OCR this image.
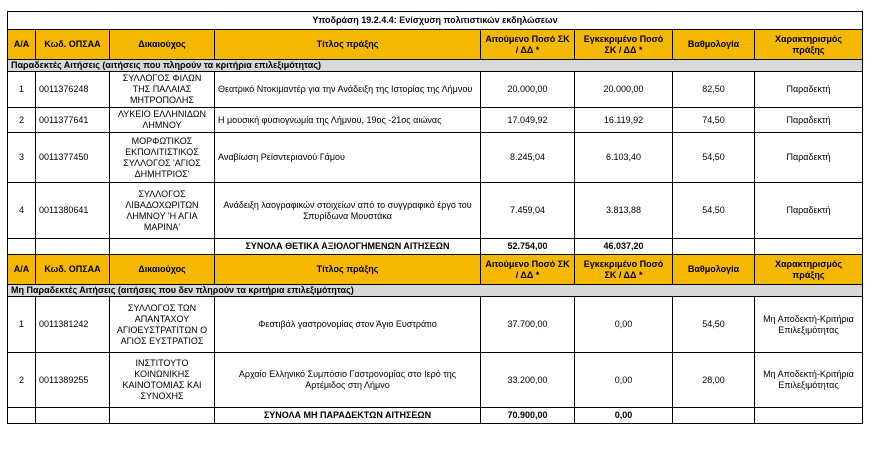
Υποδράση 19.2.4.4: Ενίσχυση πολιτιστικών εκδηλώσεων							
Α/Α	Κωδ. ΟΠΣΑΑ	Δικαιούχος	Τίτλος πράξης	Αιτούμενο Ποσό ΣΚ / ΔΔ *	Εγκεκριμένο Ποσό ΣΚ / ΔΔ *	Βαθμολογία	Χαρακτηρισμός πράξης
Παραδεκτές Αιτήσεις (αιτήσεις που πληρούν τα κριτήρια επιλεξιμότητας)							
1	0011376248	ΣΥΛΛΟΓΟΣ ΦΙΛΩΝ ΤΗΣ ΠΑΛΑΙΑΣ ΜΗΤΡΟΠΟΛΗΣ	Θεατρικό Ντοκιμαντέρ για την Ανάδειξη της Ιστορίας της Λήμνου	20.000,00	20.000,00	82,50	Παραδεκτή
2	0011377641	ΛΥΚΕΙΟ ΕΛΛΗΝΙΔΩΝ ΛΗΜΝΟΥ	Η μουσική φυσιογνωμία της Λήμνου, 19ος -21ος αιώνας	17.049,92	16.119,92	74,50	Παραδεκτή
3	0011377450	ΜΟΡΦΩΤΙΚΟΣ ΕΚΠΟΛΙΤΙΣΤΙΚΟΣ ΣΥΛΛΟΓΟΣ 'ΑΓΙΟΣ ΔΗΜΗΤΡΙΟΣ'	Αναβίωση Ρεϊσντεριανού Γάμου	8.245,04	6.103,40	54,50	Παραδεκτή
4	0011380641	ΣΥΛΛΟΓΟΣ ΛΙΒΑΔΟΧΩΡΙΤΩΝ ΛΗΜΝΟΥ 'Η ΑΓΙΑ ΜΑΡΙΝΑ'	Ανάδειξη λαογραφικών στοιχείων από το συγγραφικό έργο του Σπυρίδωνα Μουστάκα	7.459,04	3.813,88	54,50	Παραδεκτή
			ΣΥΝΟΛΑ ΘΕΤΙΚΑ ΑΞΙΟΛΟΓΗΜΕΝΩΝ ΑΙΤΗΣΕΩΝ	52.754,00	46.037,20		
Α/Α	Κωδ. ΟΠΣΑΑ	Δικαιούχος	Τίτλος πράξης	Αιτούμενο Ποσό ΣΚ / ΔΔ *	Εγκεκριμένο Ποσό ΣΚ / ΔΔ *	Βαθμολογία	Χαρακτηρισμός πράξης
Μη Παραδεκτές Αιτήσεις (αιτήσεις που δεν πληρούν τα κριτήρια επιλεξιμότητας)							
1	0011381242	ΣΥΛΛΟΓΟΣ ΤΩΝ ΑΠΑΝΤΑΧΟΥ ΑΓΙΟΕΥΣΤΡΑΤΙΤΩΝ Ο ΑΓΙΟΣ ΕΥΣΤΡΑΤΙΟΣ	Φεστιβάλ γαστρονομίας στον Άγιο Ευστράτιο	37.700,00	0,00	54,50	Μη Αποδεκτή-Κριτήρια Επιλεξιμότητας
2	0011389255	ΙΝΣΤΙΤΟΥΤΟ ΚΟΙΝΩΝΙΚΗΣ ΚΑΙΝΟΤΟΜΙΑΣ ΚΑΙ ΣΥΝΟΧΗΣ	Αρχαίο Ελληνικό Συμπόσιο Γαστρονομίας στο Ιερό της Αρτέμιδος στη Λήμνο	33.200,00	0,00	28,00	Μη Αποδεκτή-Κριτήρια Επιλεξιμότητας
			ΣΥΝΟΛΑ ΜΗ ΠΑΡΑΔΕΚΤΩΝ ΑΙΤΗΣΕΩΝ	70.900,00	0,00		
